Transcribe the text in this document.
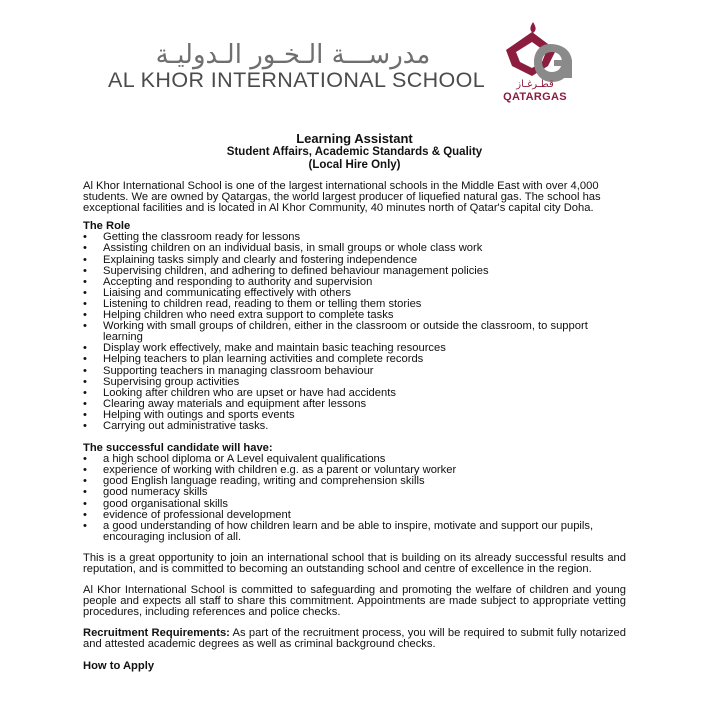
مدرســـة الـخـور الـدوليـة
AL KHOR INTERNATIONAL SCHOOL	قطـرغـاز
QATARGAS

Learning Assistant

Student Affairs, Academic Standards & Quality

(Local Hire Only)

Al Khor International School is one of the largest international schools in the Middle East with over 4,000 students. We are owned by Qatargas, the world largest producer of liquefied natural gas. The school has exceptional facilities and is located in Al Khor Community, 40 minutes north of Qatar's capital city Doha.

The Role

• Getting the classroom ready for lessons
• Assisting children on an individual basis, in small groups or whole class work
• Explaining tasks simply and clearly and fostering independence
• Supervising children, and adhering to defined behaviour management policies
• Accepting and responding to authority and supervision
• Liaising and communicating effectively with others
• Listening to children read, reading to them or telling them stories
• Helping children who need extra support to complete tasks
• Working with small groups of children, either in the classroom or outside the classroom, to support learning
• Display work effectively, make and maintain basic teaching resources
• Helping teachers to plan learning activities and complete records
• Supporting teachers in managing classroom behaviour
• Supervising group activities
• Looking after children who are upset or have had accidents
• Clearing away materials and equipment after lessons
• Helping with outings and sports events
• Carrying out administrative tasks.

The successful candidate will have:

• a high school diploma or A Level equivalent qualifications
• experience of working with children e.g. as a parent or voluntary worker
• good English language reading, writing and comprehension skills
• good numeracy skills
• good organisational skills
• evidence of professional development
• a good understanding of how children learn and be able to inspire, motivate and support our pupils, encouraging inclusion of all.

This is a great opportunity to join an international school that is building on its already successful results and reputation, and is committed to becoming an outstanding school and centre of excellence in the region.

Al Khor International School is committed to safeguarding and promoting the welfare of children and young people and expects all staff to share this commitment. Appointments are made subject to appropriate vetting procedures, including references and police checks.

Recruitment Requirements: As part of the recruitment process, you will be required to submit fully notarized and attested academic degrees as well as criminal background checks.

How to Apply
